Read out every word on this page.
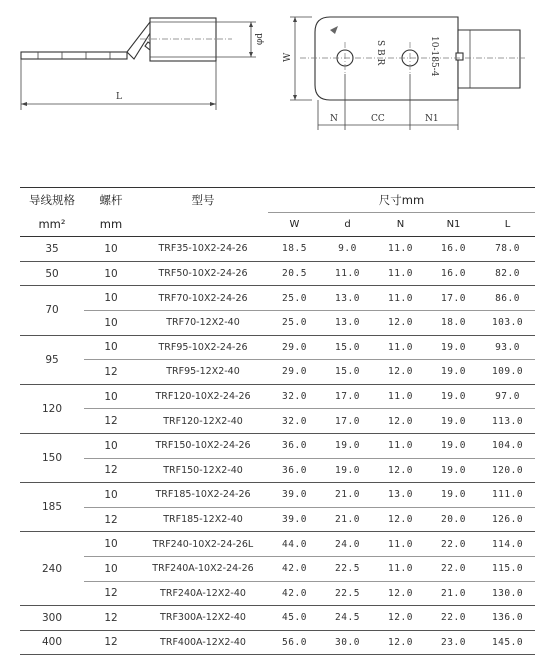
φd
L
S B R	10-185-4
W
N	CC	N1
导线规格	螺杆	型号	尺寸mm				
mm²	mm		W	d	N	N1	L
35	10	TRF35-10X2-24-26	18.5	9.0	11.0	16.0	78.0
50	10	TRF50-10X2-24-26	20.5	11.0	11.0	16.0	82.0
70	10	TRF70-10X2-24-26	25.0	13.0	11.0	17.0	86.0
	10	TRF70-12X2-40	25.0	13.0	12.0	18.0	103.0
95	10	TRF95-10X2-24-26	29.0	15.0	11.0	19.0	93.0
	12	TRF95-12X2-40	29.0	15.0	12.0	19.0	109.0
120	10	TRF120-10X2-24-26	32.0	17.0	11.0	19.0	97.0
	12	TRF120-12X2-40	32.0	17.0	12.0	19.0	113.0
150	10	TRF150-10X2-24-26	36.0	19.0	11.0	19.0	104.0
	12	TRF150-12X2-40	36.0	19.0	12.0	19.0	120.0
185	10	TRF185-10X2-24-26	39.0	21.0	13.0	19.0	111.0
	12	TRF185-12X2-40	39.0	21.0	12.0	20.0	126.0
240	10	TRF240-10X2-24-26L	44.0	24.0	11.0	22.0	114.0
	10	TRF240A-10X2-24-26	42.0	22.5	11.0	22.0	115.0
	12	TRF240A-12X2-40	42.0	22.5	12.0	21.0	130.0
300	12	TRF300A-12X2-40	45.0	24.5	12.0	22.0	136.0
400	12	TRF400A-12X2-40	56.0	30.0	12.0	23.0	145.0
